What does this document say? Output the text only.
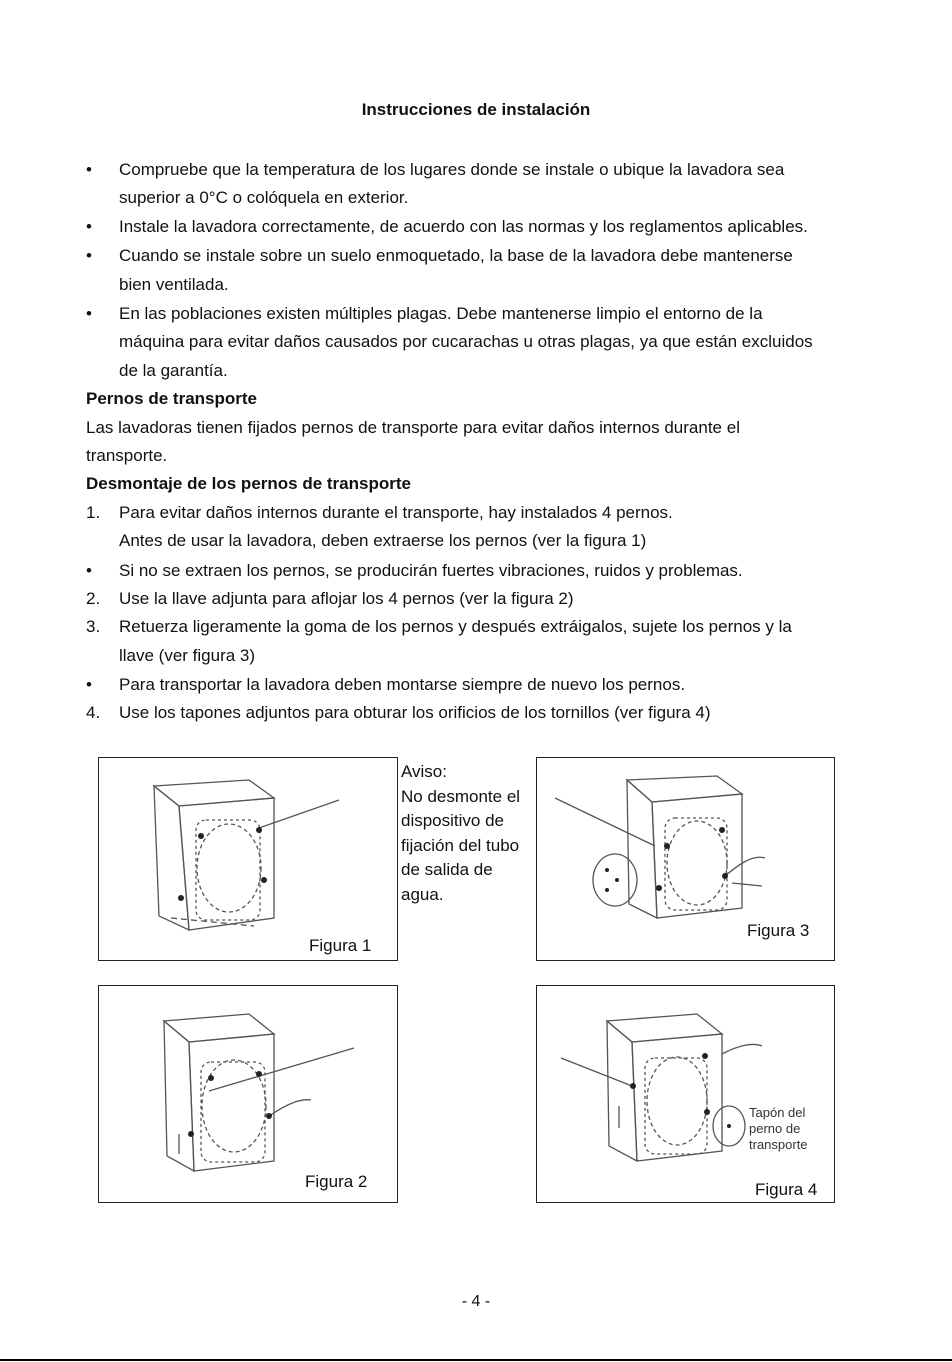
Instrucciones de instalación
• Compruebe que la temperatura de los lugares donde se instale o ubique la lavadora sea
superior a 0°C o colóquela en exterior.
• Instale la lavadora correctamente, de acuerdo con las normas y los reglamentos aplicables.
• Cuando se instale sobre un suelo enmoquetado, la base de la lavadora debe mantenerse
bien ventilada.
• En las poblaciones existen múltiples plagas. Debe mantenerse limpio el entorno de la
máquina para evitar daños causados por cucarachas u otras plagas, ya que están excluidos
de la garantía.
Pernos de transporte
Las lavadoras tienen fijados pernos de transporte para evitar daños internos durante el
transporte.
Desmontaje de los pernos de transporte
1. Para evitar daños internos durante el transporte, hay instalados 4 pernos.
Antes de usar la lavadora, deben extraerse los pernos (ver la figura 1)
• Si no se extraen los pernos, se producirán fuertes vibraciones, ruidos y problemas.
2. Use la llave adjunta para aflojar los 4 pernos (ver la figura 2)
3. Retuerza ligeramente la goma de los pernos y después extráigalos, sujete los pernos y la
llave (ver figura 3)
• Para transportar la lavadora deben montarse siempre de nuevo los pernos.
4. Use los tapones adjuntos para obturar los orificios de los tornillos (ver figura 4)
Figura 1
Aviso:
No desmonte el
dispositivo de
fijación del tubo
de salida de
agua.
Figura 3
Figura 2
Tapón del
perno de
transporte
Figura 4
- 4 -
